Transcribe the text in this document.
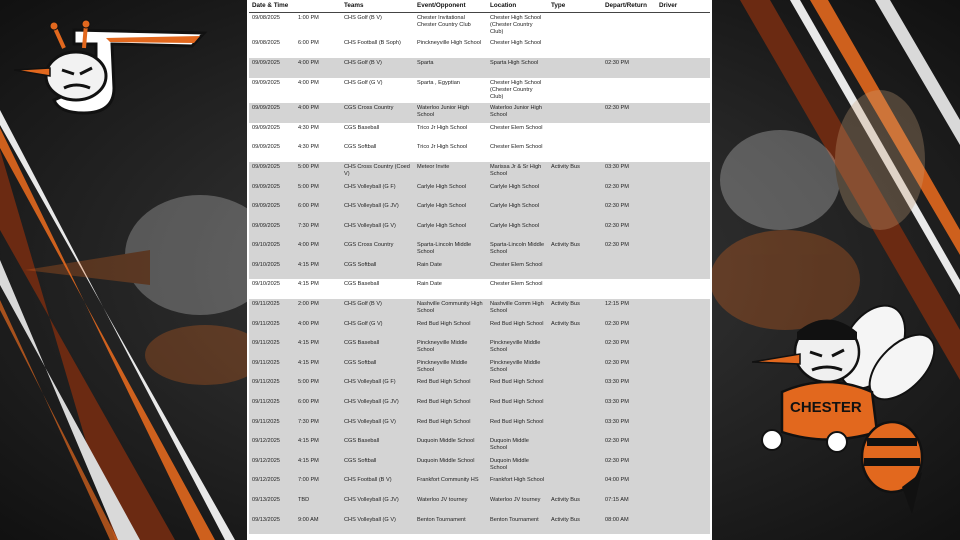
CHESTER
Date & Time		Teams	Event/Opponent	Location	Type	Depart/Return	Driver
09/08/2025	1:00 PM	CHS Golf (B V)	Chester Invitational Chester Country Club	Chester High School (Chester Country Club)			
09/08/2025	6:00 PM	CHS Football (B Soph)	Pinckneyville High School	Chester High School			
09/09/2025	4:00 PM	CHS Golf (B V)	Sparta	Sparta High School		02:30 PM	
09/09/2025	4:00 PM	CHS Golf (G V)	Sparta , Egyptian	Chester High School (Chester Country Club)			
09/09/2025	4:00 PM	CGS Cross Country	Waterloo Junior High School	Waterloo Junior High School		02:30 PM	
09/09/2025	4:30 PM	CGS Baseball	Trico Jr High School	Chester Elem School			
09/09/2025	4:30 PM	CGS Softball	Trico Jr High School	Chester Elem School			
09/09/2025	5:00 PM	CHS Cross Country (Coed V)	Meteor Invite	Marissa Jr & Sr High School	Activity Bus	03:30 PM	
09/09/2025	5:00 PM	CHS Volleyball (G F)	Carlyle High School	Carlyle High School		02:30 PM	
09/09/2025	6:00 PM	CHS Volleyball (G JV)	Carlyle High School	Carlyle High School		02:30 PM	
09/09/2025	7:30 PM	CHS Volleyball (G V)	Carlyle High School	Carlyle High School		02:30 PM	
09/10/2025	4:00 PM	CGS Cross Country	Sparta-Lincoln Middle School	Sparta-Lincoln Middle School	Activity Bus	02:30 PM	
09/10/2025	4:15 PM	CGS Softball	Rain Date	Chester Elem School			
09/10/2025	4:15 PM	CGS Baseball	Rain Date	Chester Elem School			
09/11/2025	2:00 PM	CHS Golf (B V)	Nashville Community High School	Nashville Comm High School	Activity Bus	12:15 PM	
09/11/2025	4:00 PM	CHS Golf (G V)	Red Bud High School	Red Bud High School	Activity Bus	02:30 PM	
09/11/2025	4:15 PM	CGS Baseball	Pinckneyville Middle School	Pinckneyville Middle School		02:30 PM	
09/11/2025	4:15 PM	CGS Softball	Pinckneyville Middle School	Pinckneyville Middle School		02:30 PM	
09/11/2025	5:00 PM	CHS Volleyball (G F)	Red Bud High School	Red Bud High School		03:30 PM	
09/11/2025	6:00 PM	CHS Volleyball (G JV)	Red Bud High School	Red Bud High School		03:30 PM	
09/11/2025	7:30 PM	CHS Volleyball (G V)	Red Bud High School	Red Bud High School		03:30 PM	
09/12/2025	4:15 PM	CGS Baseball	Duquoin Middle School	Duquoin Middle School		02:30 PM	
09/12/2025	4:15 PM	CGS Softball	Duquoin Middle School	Duquoin Middle School		02:30 PM	
09/12/2025	7:00 PM	CHS Football (B V)	Frankfort Community HS	Frankfort High School		04:00 PM	
09/13/2025	TBD	CHS Volleyball (G JV)	Waterloo JV tourney	Waterloo JV tourney	Activity Bus	07:15 AM	
09/13/2025	9:00 AM	CHS Volleyball (G V)	Benton Tournament	Benton Tournament	Activity Bus	08:00 AM	
